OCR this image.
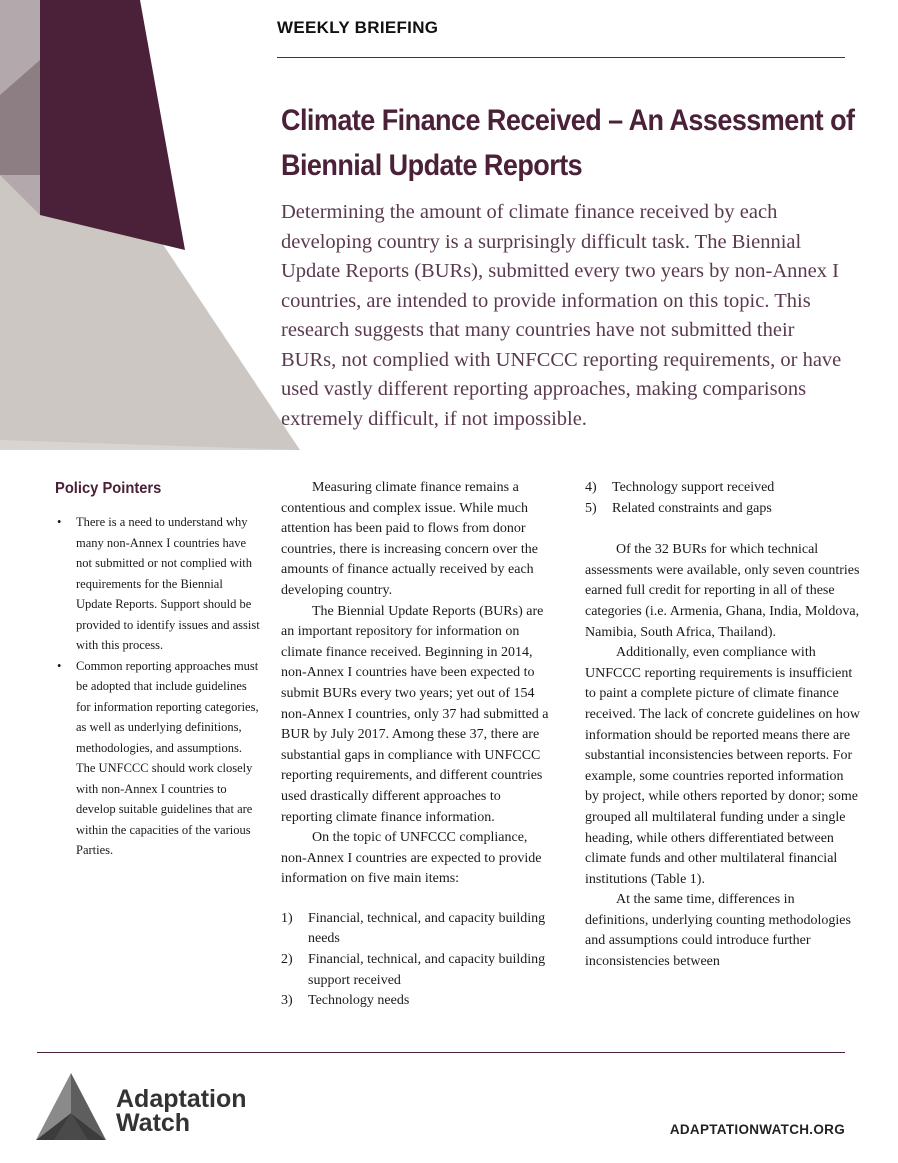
WEEKLY BRIEFING
Climate Finance Received – An Assessment of Biennial Update Reports

Determining the amount of climate finance received by each developing country is a surprisingly difficult task. The Biennial Update Reports (BURs), submitted every two years by non-Annex I countries, are intended to provide information on this topic. This research suggests that many countries have not submitted their BURs, not complied with UNFCCC reporting requirements, or have used vastly different reporting approaches, making comparisons extremely difficult, if not impossible.

Policy Pointers
• There is a need to understand why many non-Annex I countries have not submitted or not complied with requirements for the Biennial Update Reports. Support should be provided to identify issues and assist with this process.
• Common reporting approaches must be adopted that include guidelines for information reporting categories, as well as underlying definitions, methodologies, and assumptions. The UNFCCC should work closely with non-Annex I countries to develop suitable guidelines that are within the capacities of the various Parties.

Measuring climate finance remains a contentious and complex issue. While much attention has been paid to flows from donor countries, there is increasing concern over the amounts of finance actually received by each developing country.

The Biennial Update Reports (BURs) are an important repository for information on climate finance received. Beginning in 2014, non-Annex I countries have been expected to submit BURs every two years; yet out of 154 non-Annex I countries, only 37 had submitted a BUR by July 2017. Among these 37, there are substantial gaps in compliance with UNFCCC reporting requirements, and different countries used drastically different approaches to reporting climate finance information.

On the topic of UNFCCC compliance, non-Annex I countries are expected to provide information on five main items:

1) Financial, technical, and capacity building needs
2) Financial, technical, and capacity building support received
3) Technology needs
4) Technology support received
5) Related constraints and gaps

Of the 32 BURs for which technical assessments were available, only seven countries earned full credit for reporting in all of these categories (i.e. Armenia, Ghana, India, Moldova, Namibia, South Africa, Thailand).

Additionally, even compliance with UNFCCC reporting requirements is insufficient to paint a complete picture of climate finance received. The lack of concrete guidelines on how information should be reported means there are substantial inconsistencies between reports. For example, some countries reported information by project, while others reported by donor; some grouped all multilateral funding under a single heading, while others differentiated between climate funds and other multilateral financial institutions (Table 1).

At the same time, differences in definitions, underlying counting methodologies and assumptions could introduce further inconsistencies between

Adaptation
Watch	ADAPTATIONWATCH.ORG
